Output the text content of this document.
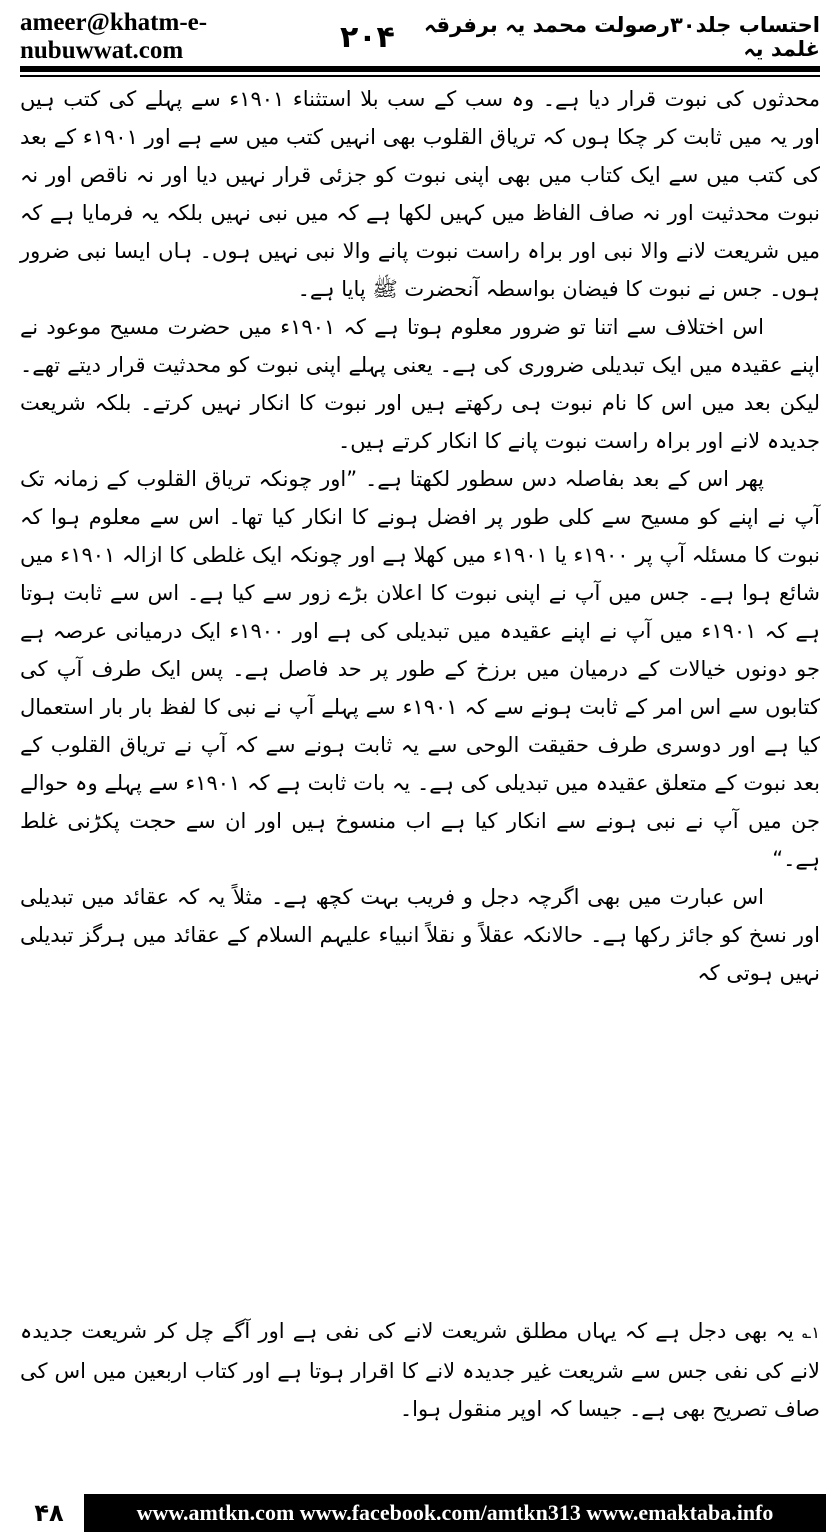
ameer@khatm-e-nubuwwat.com	۲۰۴	احتساب جلد۳۰رصولت محمد یہ برفرقہ غلمد یہ

محدثوں کی نبوت قرار دیا ہے۔ وہ سب کے سب بلا استثناء ۱۹۰۱ء سے پہلے کی کتب ہیں اور یہ میں ثابت کر چکا ہوں کہ تریاق القلوب بھی انہیں کتب میں سے ہے اور ۱۹۰۱ء کے بعد کی کتب میں سے ایک کتاب میں بھی اپنی نبوت کو جزئی قرار نہیں دیا اور نہ ناقص اور نہ نبوت محدثیت اور نہ صاف الفاظ میں کہیں لکھا ہے کہ میں نبی نہیں بلکہ یہ فرمایا ہے کہ میں شریعت لانے والا نبی اور براہ راست نبوت پانے والا نبی نہیں ہوں۔ ہاں ایسا نبی ضرور ہوں۔ جس نے نبوت کا فیضان بواسطہ آنحضرت ﷺ پایا ہے۔

اس اختلاف سے اتنا تو ضرور معلوم ہوتا ہے کہ ۱۹۰۱ء میں حضرت مسیح موعود نے اپنے عقیدہ میں ایک تبدیلی ضروری کی ہے۔ یعنی پہلے اپنی نبوت کو محدثیت قرار دیتے تھے۔ لیکن بعد میں اس کا نام نبوت ہی رکھتے ہیں اور نبوت کا انکار نہیں کرتے۔ بلکہ شریعت جدیدہ لانے اور براہ راست نبوت پانے کا انکار کرتے ہیں۔

پھر اس کے بعد بفاصلہ دس سطور لکھتا ہے۔ ”اور چونکہ تریاق القلوب کے زمانہ تک آپ نے اپنے کو مسیح سے کلی طور پر افضل ہونے کا انکار کیا تھا۔ اس سے معلوم ہوا کہ نبوت کا مسئلہ آپ پر ۱۹۰۰ء یا ۱۹۰۱ء میں کھلا ہے اور چونکہ ایک غلطی کا ازالہ ۱۹۰۱ء میں شائع ہوا ہے۔ جس میں آپ نے اپنی نبوت کا اعلان بڑے زور سے کیا ہے۔ اس سے ثابت ہوتا ہے کہ ۱۹۰۱ء میں آپ نے اپنے عقیدہ میں تبدیلی کی ہے اور ۱۹۰۰ء ایک درمیانی عرصہ ہے جو دونوں خیالات کے درمیان میں برزخ کے طور پر حد فاصل ہے۔ پس ایک طرف آپ کی کتابوں سے اس امر کے ثابت ہونے سے کہ ۱۹۰۱ء سے پہلے آپ نے نبی کا لفظ بار بار استعمال کیا ہے اور دوسری طرف حقیقت الوحی سے یہ ثابت ہونے سے کہ آپ نے تریاق القلوب کے بعد نبوت کے متعلق عقیدہ میں تبدیلی کی ہے۔ یہ بات ثابت ہے کہ ۱۹۰۱ء سے پہلے وہ حوالے جن میں آپ نے نبی ہونے سے انکار کیا ہے اب منسوخ ہیں اور ان سے حجت پکڑنی غلط ہے۔“

اس عبارت میں بھی اگرچہ دجل و فریب بہت کچھ ہے۔ مثلاً یہ کہ عقائد میں تبدیلی اور نسخ کو جائز رکھا ہے۔ حالانکہ عقلاً و نقلاً انبیاء علیہم السلام کے عقائد میں ہرگز تبدیلی نہیں ہوتی کہ

۱؎ یہ بھی دجل ہے کہ یہاں مطلق شریعت لانے کی نفی ہے اور آگے چل کر شریعت جدیدہ لانے کی نفی جس سے شریعت غیر جدیدہ لانے کا اقرار ہوتا ہے اور کتاب اربعین میں اس کی صاف تصریح بھی ہے۔ جیسا کہ اوپر منقول ہوا۔
۴۸	www.amtkn.com www.facebook.com/amtkn313 www.emaktaba.info
